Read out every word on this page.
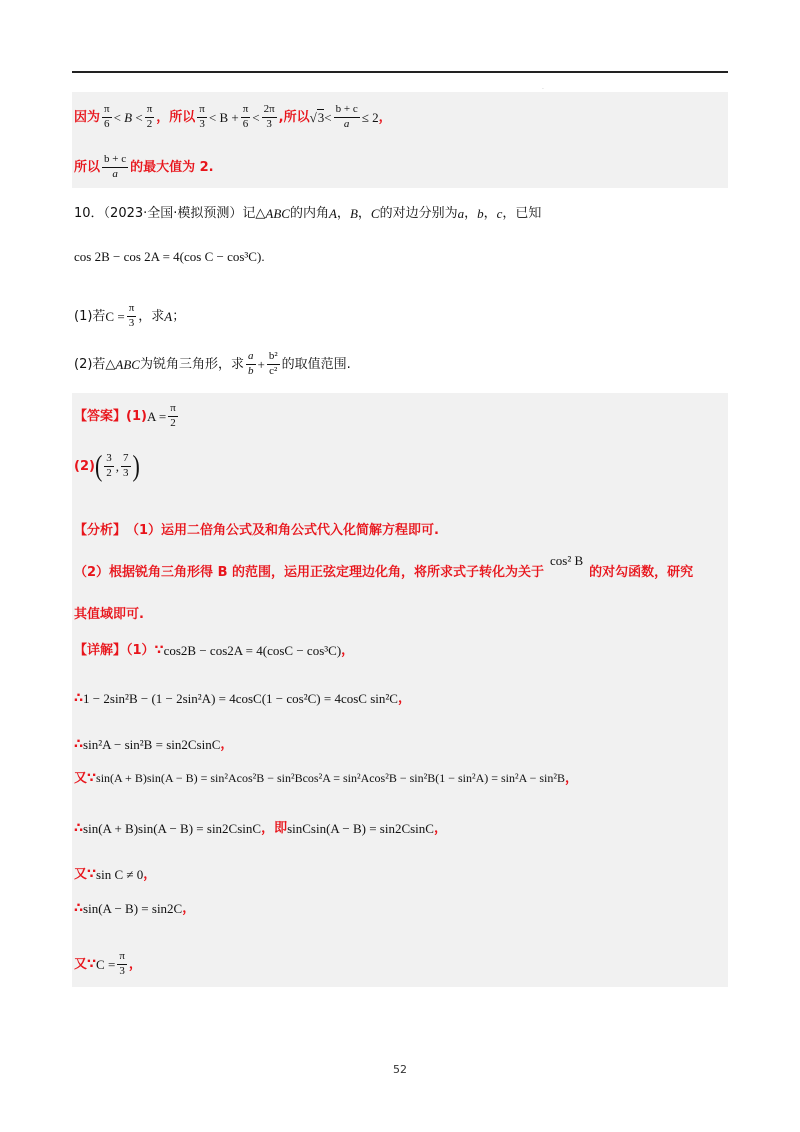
.
因为 $\frac{\pi}{6} < B < \frac{\pi}{2}$ ，所以 $\frac{\pi}{3} < B + \frac{\pi}{6} < \frac{2\pi}{3}$ ,所以 $√3 < \frac{b + c}{a} \le 2$ ，
所以 $\frac{b + c}{a}$ 的最大值为 2.
10．（2023·全国·模拟预测）记△ ABC 的内角 A ， B ， C 的对边分别为 a ， b ， c ，已知
cos 2B − cos 2A = 4(cos C − cos³C) .
(1)若 $C = \frac{\pi}{3}$ ，求 A ；
(2)若△ ABC 为锐角三角形，求 $\frac{a}{b} + \frac{\text{b²}}{\text{c²}}$ 的取值范围.
【答案】(1) $A = \frac{\pi}{2}$
(2) ( $\frac{3}{2}$ , $\frac{7}{3}$ )
【分析】 （1）运用二倍角公式及和角公式代入化简解方程即可.
（2）根据锐角三角形得 B 的范围，运用正弦定理边化角，将所求式子转化为关于
cos² B
的对勾函数，研究
其值域即可.
【详解】（1）∵ cos2B − cos2A = 4(cosC − cos³C) ，
∴ 1 − 2sin²B − (1 − 2sin²A) = 4cosC(1 − cos²C) = 4cosC sin²C ，
∴ sin²A − sin²B = sin2CsinC ，
又∵ sin(A + B)sin(A − B) = sin²Acos²B − sin²Bcos²A = sin²Acos²B − sin²B(1 − sin²A) = sin²A − sin²B ，
∴ sin(A + B)sin(A − B) = sin2CsinC ，即 sinCsin(A − B) = sin2CsinC ，
又∵ sin C ≠ 0 ，
∴ sin(A − B) = sin2C ，
又∵ $C = \frac{\pi}{3}$ ，
52
